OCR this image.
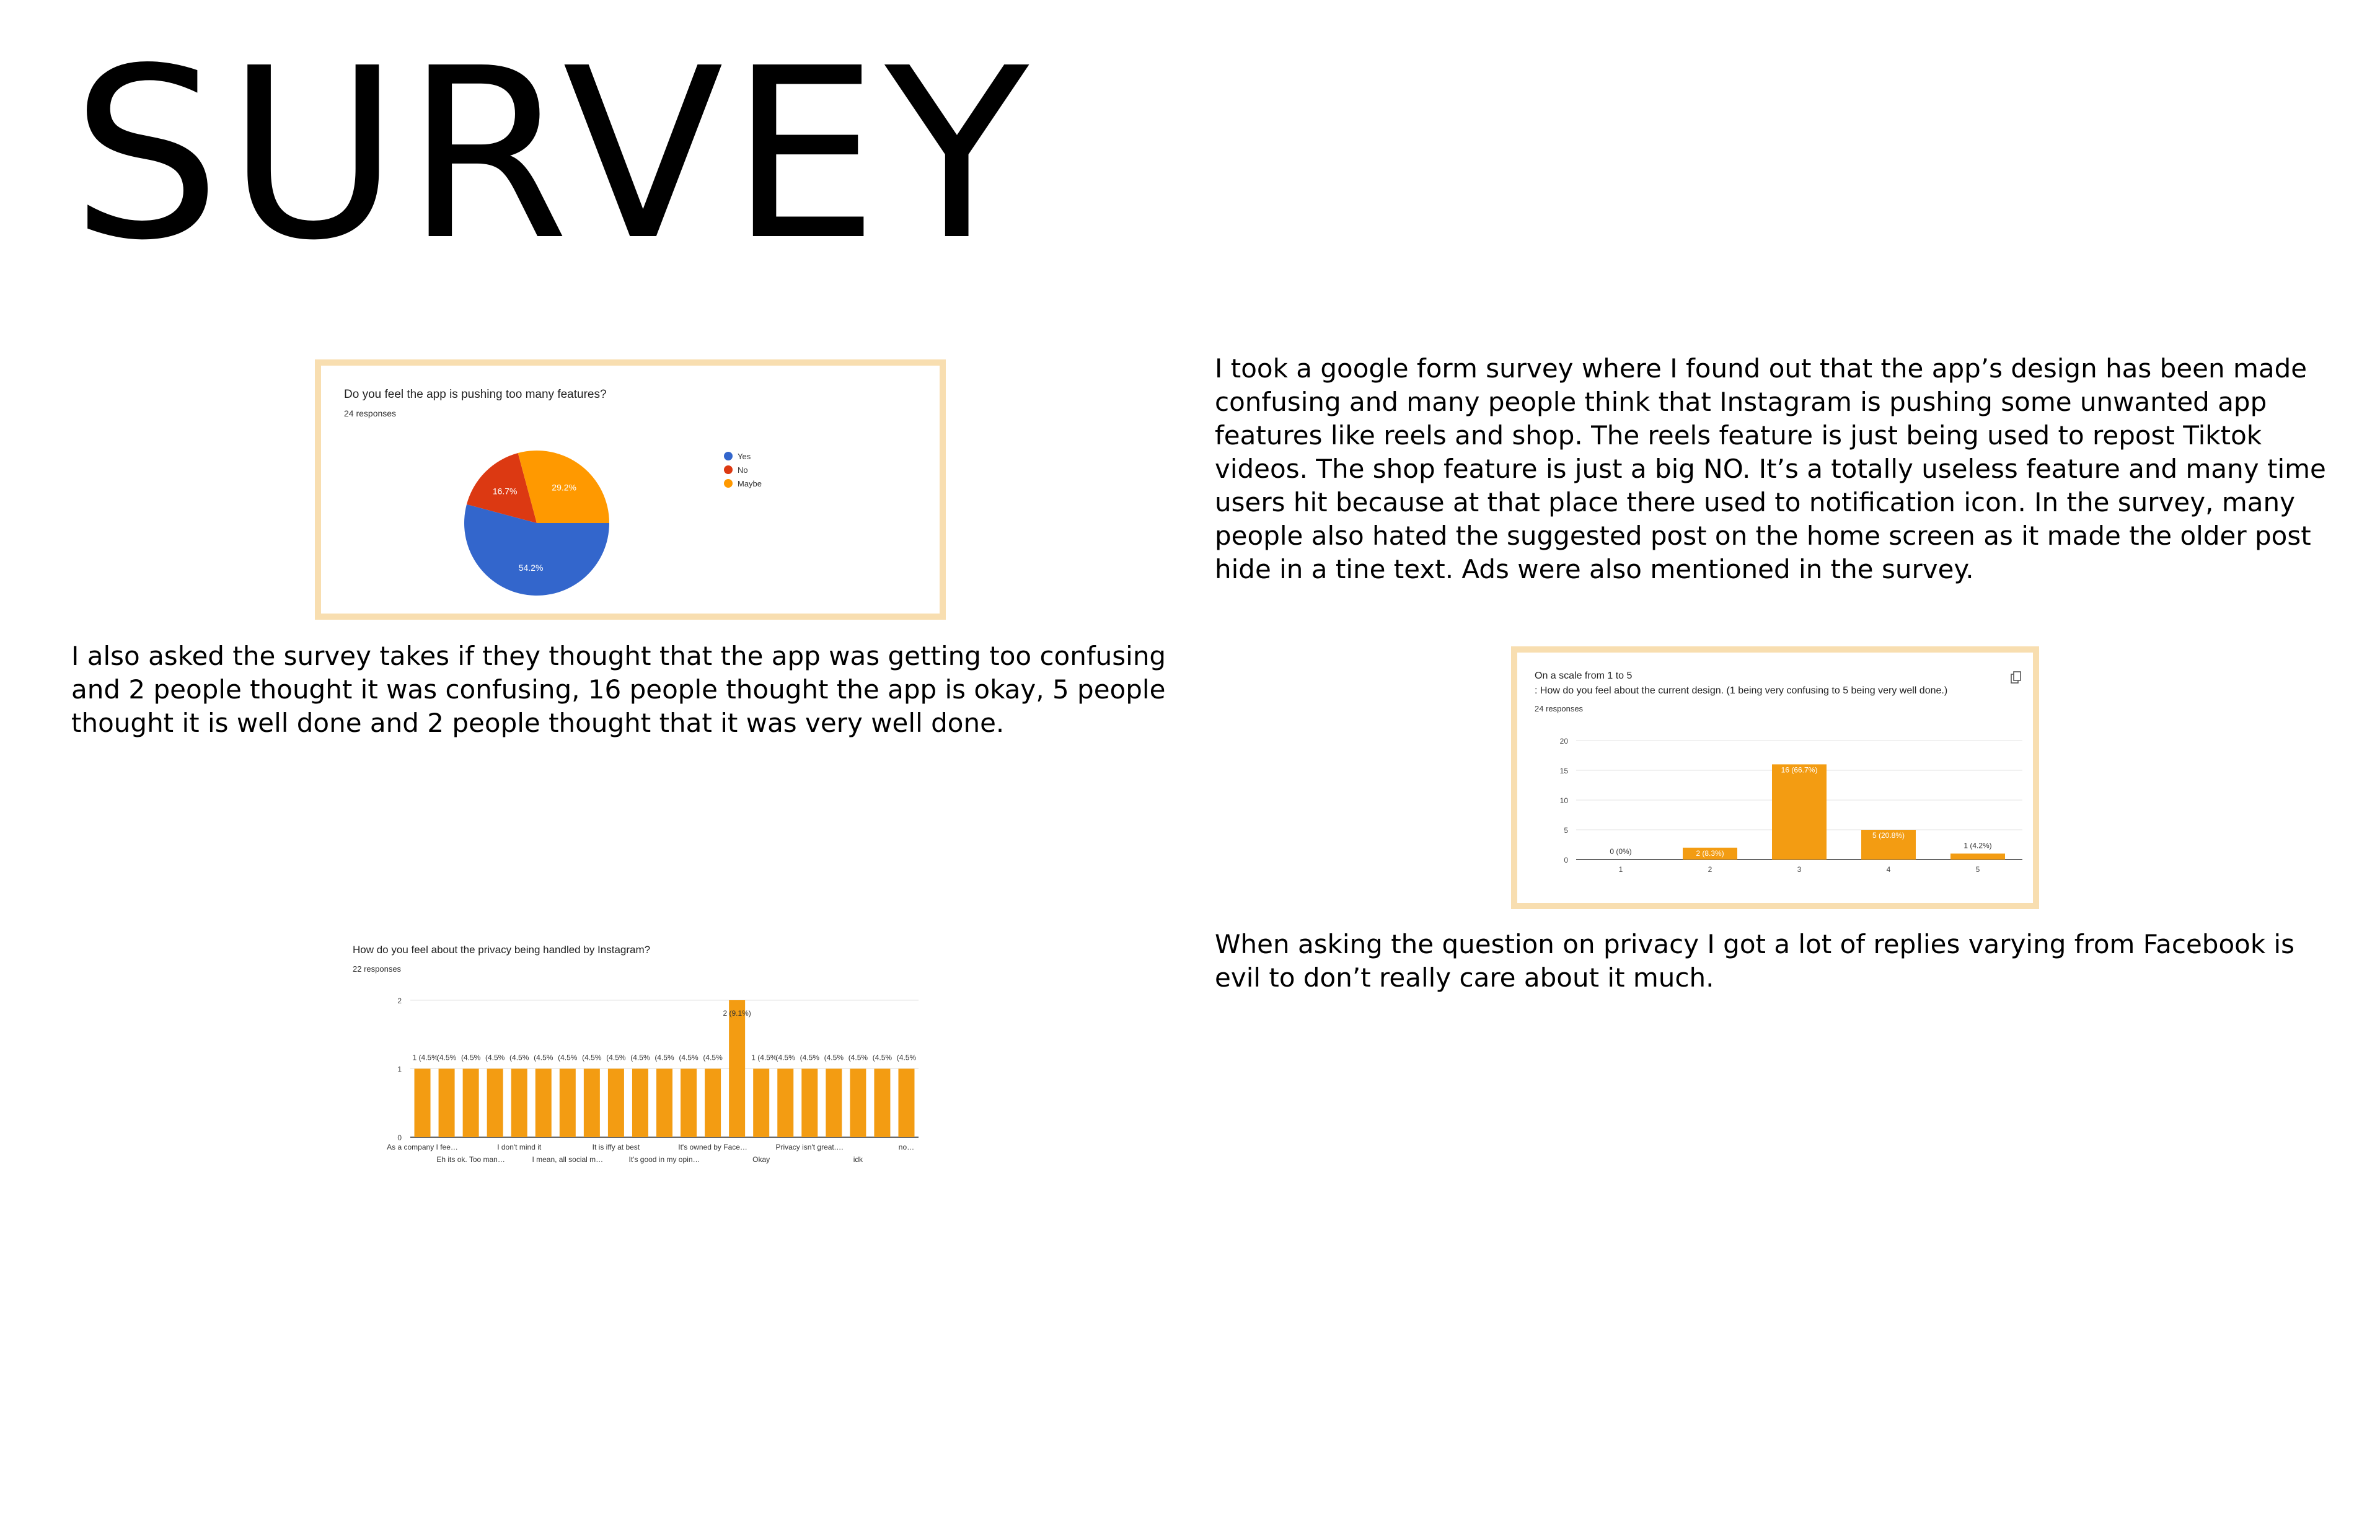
SURVEY

I took a google form survey where I found out that the app’s design has been made confusing and many people think that Instagram is pushing some unwanted app features like reels and shop. The reels feature is just being used to repost Tiktok videos. The shop feature is just a big NO. It’s a totally useless feature and many time users hit because at that place there used to notification icon. In the survey, many people also hated the suggested post on the home screen as it made the older post hide in a tine text. Ads were also mentioned in the survey.

I also asked the survey takes if they thought that the app was getting too confusing and 2 people thought it was confusing, 16 people thought the app is okay, 5 people thought it is well done and 2 people thought that it was very well done.

When asking the question on privacy I got a lot of replies varying from Facebook is evil to don’t really care about it much.

Do you feel the app is pushing too many features?
24 responses
54.2%
16.7%	29.2%
Yes
No
Maybe
On a scale from 1 to 5
: How do you feel about the current design. (1 being very confusing to 5 being very well done.)
24 responses
0
5
10
15
20
0 (0%)
1
2 (8.3%)
2
16 (66.7%)
3
5 (20.8%)
4
1 (4.2%)
5
How do you feel about the privacy being handled by Instagram?
22 responses
0
1
2
1 (4.5%
(4.5% (4.5% (4.5% (4.5% (4.5% (4.5% (4.5% (4.5% (4.5% (4.5% (4.5% (4.5%
2 (9.1%)
1 (4.5%
(4.5% (4.5% (4.5% (4.5% (4.5% (4.5%
As a company I fee…	I don't mind it	It is iffy at best	It's owned by Face…	Privacy isn't great.…	no…
Eh its ok. Too man…	I mean, all social m…	It's good in my opin…	Okay	idk
